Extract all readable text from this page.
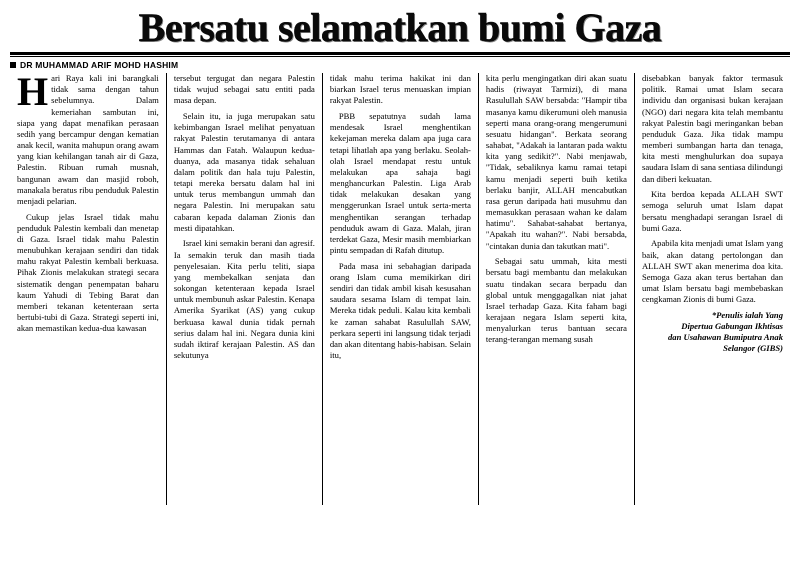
Bersatu selamatkan bumi Gaza
DR MUHAMMAD ARIF MOHD HASHIM

Hari Raya kali ini barangkali tidak sama dengan tahun sebelumnya. Dalam kemeriahan sambutan ini, siapa yang dapat menafikan perasaan sedih yang bercampur dengan kematian anak kecil, wanita mahupun orang awam yang kian kehilangan tanah air di Gaza, Palestin. Ribuan rumah musnah, bangunan awam dan masjid roboh, manakala beratus ribu penduduk Palestin menjadi pelarian.

Cukup jelas Israel tidak mahu penduduk Palestin kembali dan menetap di Gaza. Israel tidak mahu Palestin menubuhkan kerajaan sendiri dan tidak mahu rakyat Palestin kembali berkuasa. Pihak Zionis melakukan strategi secara sistematik dengan penempatan baharu kaum Yahudi di Tebing Barat dan memberi tekanan ketenteraan serta bertubi-tubi di Gaza. Strategi seperti ini, akan memastikan kedua-dua kawasan

tersebut tergugat dan negara Palestin tidak wujud sebagai satu entiti pada masa depan.

Selain itu, ia juga merupakan satu kebimbangan Israel melihat penyatuan rakyat Palestin terutamanya di antara Hammas dan Fatah. Walaupun kedua-duanya, ada masanya tidak sehaluan dalam politik dan hala tuju Palestin, tetapi mereka bersatu dalam hal ini untuk terus membangun ummah dan negara Palestin. Ini merupakan satu cabaran kepada dalaman Zionis dan mesti dipatahkan.

Israel kini semakin berani dan agresif. Ia semakin teruk dan masih tiada penyelesaian. Kita perlu teliti, siapa yang membekalkan senjata dan sokongan ketenteraan kepada Israel untuk membunuh askar Palestin. Kenapa Amerika Syarikat (AS) yang cukup berkuasa kawal dunia tidak pernah serius dalam hal ini. Negara dunia kini sudah iktiraf kerajaan Palestin. AS dan sekutunya

tidak mahu terima hakikat ini dan biarkan Israel terus menuaskan impian rakyat Palestin.

PBB sepatutnya sudah lama mendesak Israel menghentikan kekejaman mereka dalam apa juga cara tetapi lihatlah apa yang berlaku. Seolah-olah Israel mendapat restu untuk melakukan apa sahaja bagi menghancurkan Palestin. Liga Arab tidak melakukan desakan yang menggerunkan Israel untuk serta-merta menghentikan serangan terhadap penduduk awam di Gaza. Malah, jiran terdekat Gaza, Mesir masih membiarkan pintu sempadan di Rafah ditutup.

Pada masa ini sebahagian daripada orang Islam cuma memikirkan diri sendiri dan tidak ambil kisah kesusahan saudara sesama Islam di tempat lain. Mereka tidak peduli. Kalau kita kembali ke zaman sahabat Rasulullah SAW, perkara seperti ini langsung tidak terjadi dan akan ditentang habis-habisan. Selain itu,

kita perlu mengingatkan diri akan suatu hadis (riwayat Tarmizi), di mana Rasulullah SAW bersabda: "Hampir tiba masanya kamu dikerumuni oleh manusia seperti mana orang-orang mengerumuni sesuatu hidangan". Berkata seorang sahabat, "Adakah ia lantaran pada waktu kita yang sedikit?". Nabi menjawab, "Tidak, sebaliknya kamu ramai tetapi kamu menjadi seperti buih ketika berlaku banjir, ALLAH mencabutkan rasa gerun daripada hati musuhmu dan memasukkan perasaan wahan ke dalam hatimu". Sahabat-sahabat bertanya, "Apakah itu wahan?". Nabi bersabda, "cintakan dunia dan takutkan mati".

Sebagai satu ummah, kita mesti bersatu bagi membantu dan melakukan suatu tindakan secara berpadu dan global untuk menggagalkan niat jahat Israel terhadap Gaza. Kita faham bagi kerajaan negara Islam seperti kita, menyalurkan terus bantuan secara terang-terangan memang susah

disebabkan banyak faktor termasuk politik. Ramai umat Islam secara individu dan organisasi bukan kerajaan (NGO) dari negara kita telah membantu rakyat Palestin bagi meringankan beban penduduk Gaza. Jika tidak mampu memberi sumbangan harta dan tenaga, kita mesti menghulurkan doa supaya saudara Islam di sana sentiasa dilindungi dan diberi kekuatan.

Kita berdoa kepada ALLAH SWT semoga seluruh umat Islam dapat bersatu menghadapi serangan Israel di bumi Gaza.

Apabila kita menjadi umat Islam yang baik, akan datang pertolongan dan ALLAH SWT akan menerima doa kita. Semoga Gaza akan terus bertahan dan umat Islam bersatu bagi membebaskan cengkaman Zionis di bumi Gaza.

*Penulis ialah Yang
Dipertua Gabungan Ikhtisas
dan Usahawan Bumiputra Anak
Selangor (GIBS)
